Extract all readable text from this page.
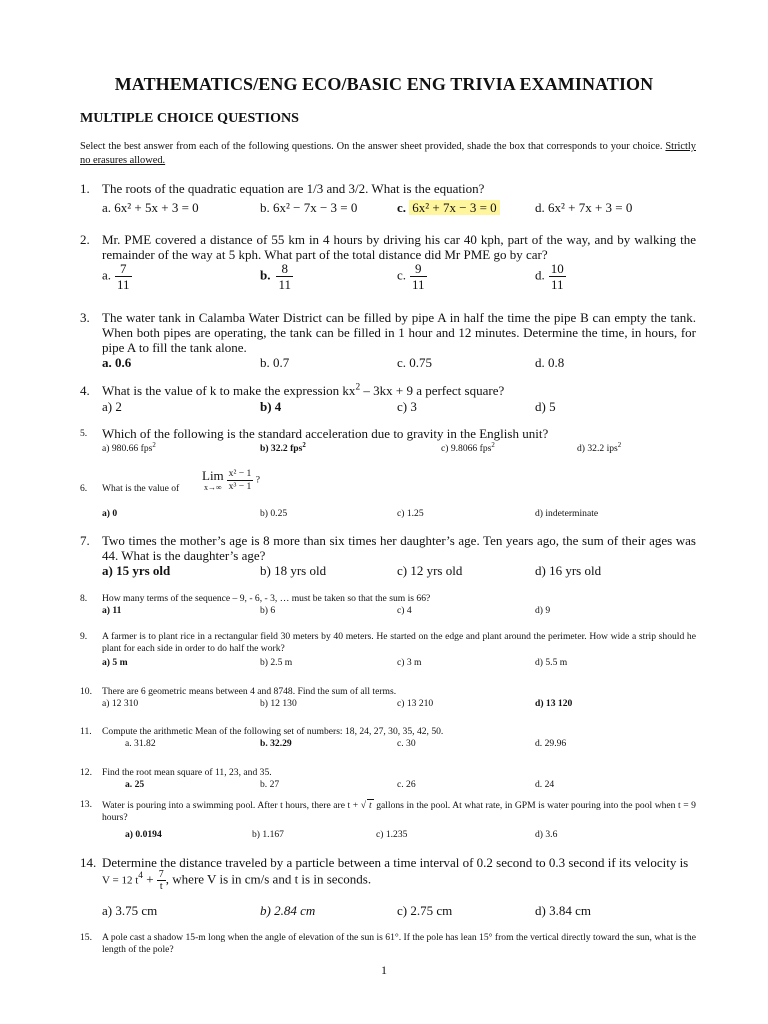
MATHEMATICS/ENG ECO/BASIC ENG TRIVIA EXAMINATION
MULTIPLE CHOICE QUESTIONS
Select the best answer from each of the following questions. On the answer sheet provided, shade the box that corresponds to your choice. Strictly no erasures allowed.
1. The roots of the quadratic equation are 1/3 and 3/2. What is the equation?
a. 6x² + 5x + 3 = 0	b. 6x² − 7x − 3 = 0	c. 6x² + 7x − 3 = 0	d. 6x² + 7x + 3 = 0
2. Mr. PME covered a distance of 55 km in 4 hours by driving his car 40 kph, part of the way, and by walking the remainder of the way at 5 kph. What part of the total distance did Mr PME go by car?
a. $\frac{7}{11}$	b. $\frac{8}{11}$	c. $\frac{9}{11}$	d. $\frac{10}{11}$
3. The water tank in Calamba Water District can be filled by pipe A in half the time the pipe B can empty the tank. When both pipes are operating, the tank can be filled in 1 hour and 12 minutes. Determine the time, in hours, for pipe A to fill the tank alone.
a. 0.6	b. 0.7	c. 0.75	d. 0.8
4. What is the value of k to make the expression $kx^2 - 3kx + 9$ a perfect square?
a) 2	b) 4	c) 3	d) 5
5.	Which of the following is the standard acceleration due to gravity in the English unit?
a) 980.66 fps$^2$	b) 32.2 fps$^2$	c) 9.8066 fps$^2$	d) 32.2 ips$^2$
6.	What is the value of
Lim
$x\to\infty \frac{\text{x² − 1}}{\text{x³ − 1}}$ ?
a) 0	b) 0.25	c) 1.25	d) indeterminate
7. Two times the mother’s age is 8 more than six times her daughter’s age. Ten years ago, the sum of their ages was 44. What is the daughter’s age?
a) 15 yrs old	b) 18 yrs old	c) 12 yrs old	d) 16 yrs old
8.	How many terms of the sequence – 9, - 6, - 3, … must be taken so that the sum is 66?
a) 11	b) 6	c) 4	d) 9
9.	A farmer is to plant rice in a rectangular field 30 meters by 40 meters. He started on the edge and plant around the perimeter. How wide a strip should he plant for each side in order to do half the work?
a) 5 m	b) 2.5 m	c) 3 m	d) 5.5 m
10.	There are 6 geometric means between 4 and 8748. Find the sum of all terms.
a) 12 310	b) 12 130	c) 13 210	d) 13 120
11.	Compute the arithmetic Mean of the following set of numbers: 18, 24, 27, 30, 35, 42, 50.
a. 31.82	b. 32.29	c. 30	d. 29.96
12.	Find the root mean square of 11, 23, and 35.
a. 25	b. 27	c. 26	d. 24
13.	Water is pouring into a swimming pool. After t hours, there are t + √ t gallons in the pool. At what rate, in GPM is water pouring into the pool when t = 9 hours?
a) 0.0194	b) 1.167	c) 1.235	d) 3.6
14. Determine the distance traveled by a particle between a time interval of 0.2 second to 0.3 second if its velocity is
V = 12 $t^4 + \frac{7}{t}$ , where V is in cm/s and t is in seconds.
a) 3.75 cm	b) 2.84 cm	c) 2.75 cm	d) 3.84 cm
15.	A pole cast a shadow 15-m long when the angle of elevation of the sun is 61°. If the pole has lean 15° from the vertical directly toward the sun, what is the length of the pole?
1
